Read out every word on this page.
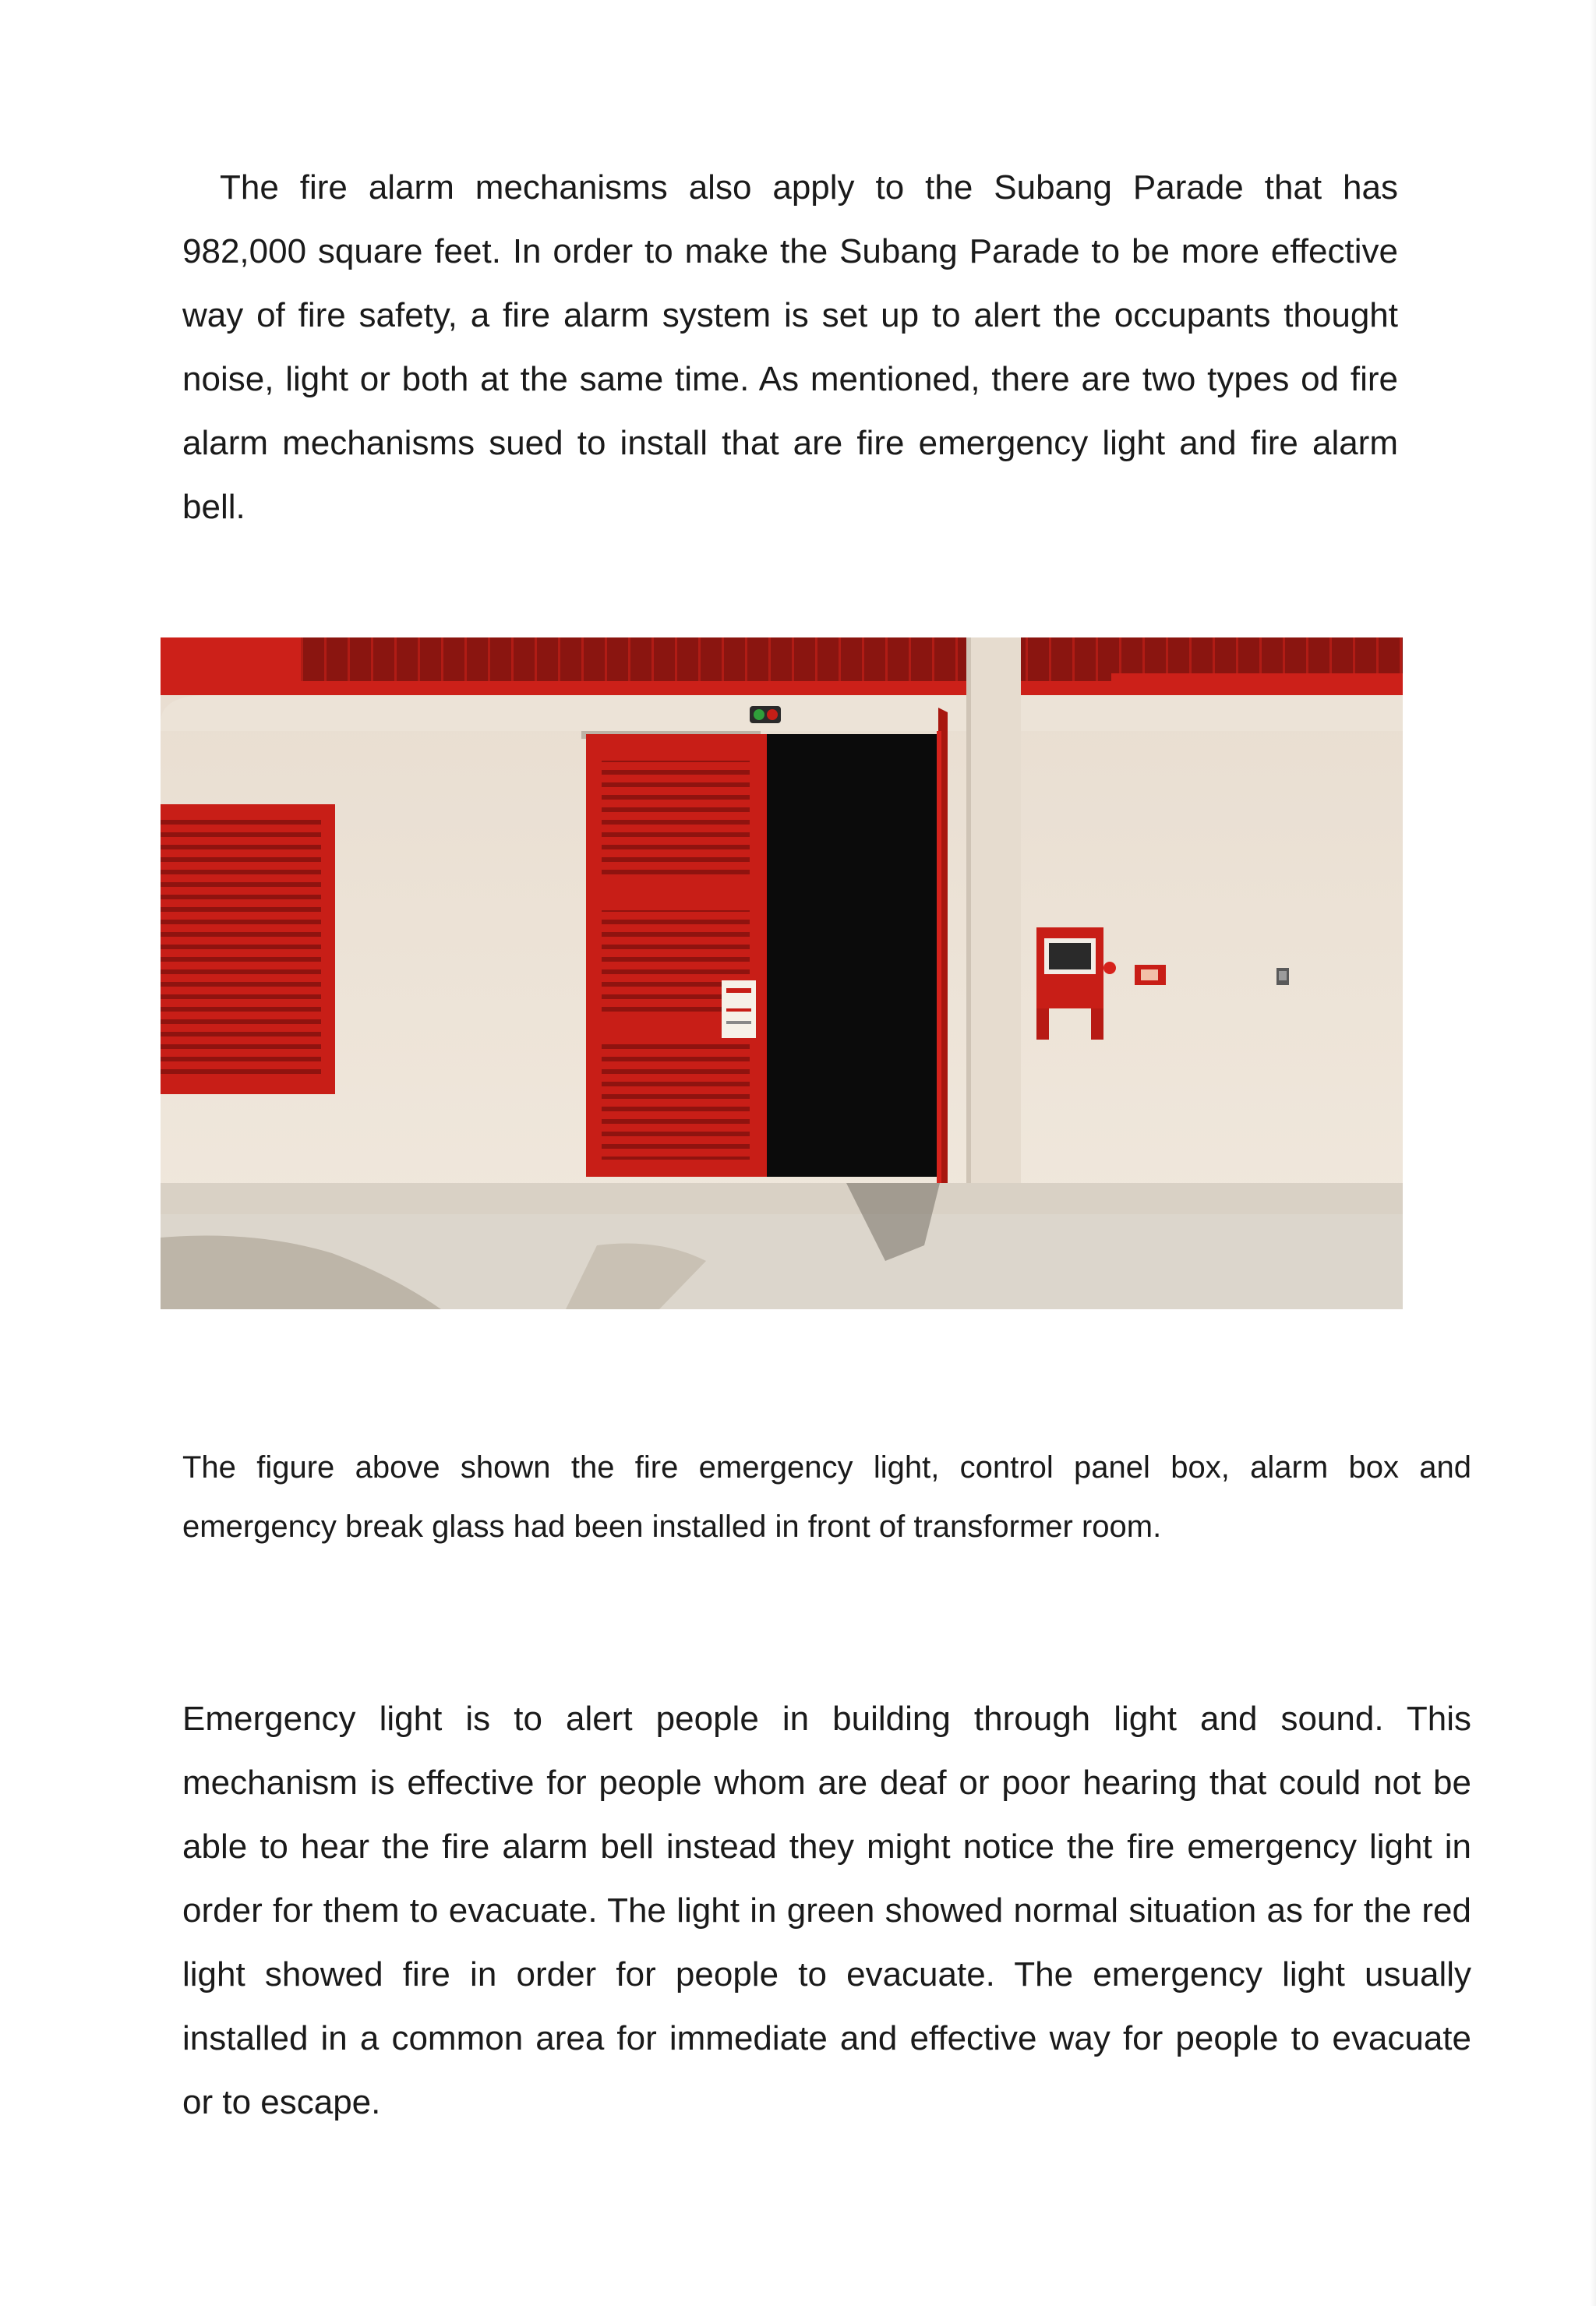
The fire alarm mechanisms also apply to the Subang Parade that has 982,000 square feet. In order to make the Subang Parade to be more effective way of fire safety, a fire alarm system is set up to alert the occupants thought noise, light or both at the same time. As mentioned, there are two types od fire alarm mechanisms sued to install that are fire emergency light and fire alarm bell.

The figure above shown the fire emergency light, control panel box, alarm box and emergency break glass had been installed in front of transformer room.

Emergency light is to alert people in building through light and sound. This mechanism is effective for people whom are deaf or poor hearing that could not be able to hear the fire alarm bell instead they might notice the fire emergency light in order for them to evacuate. The light in green showed normal situation as for the red light showed fire in order for people to evacuate. The emergency light usually installed in a common area for immediate and effective way for people to evacuate or to escape.
